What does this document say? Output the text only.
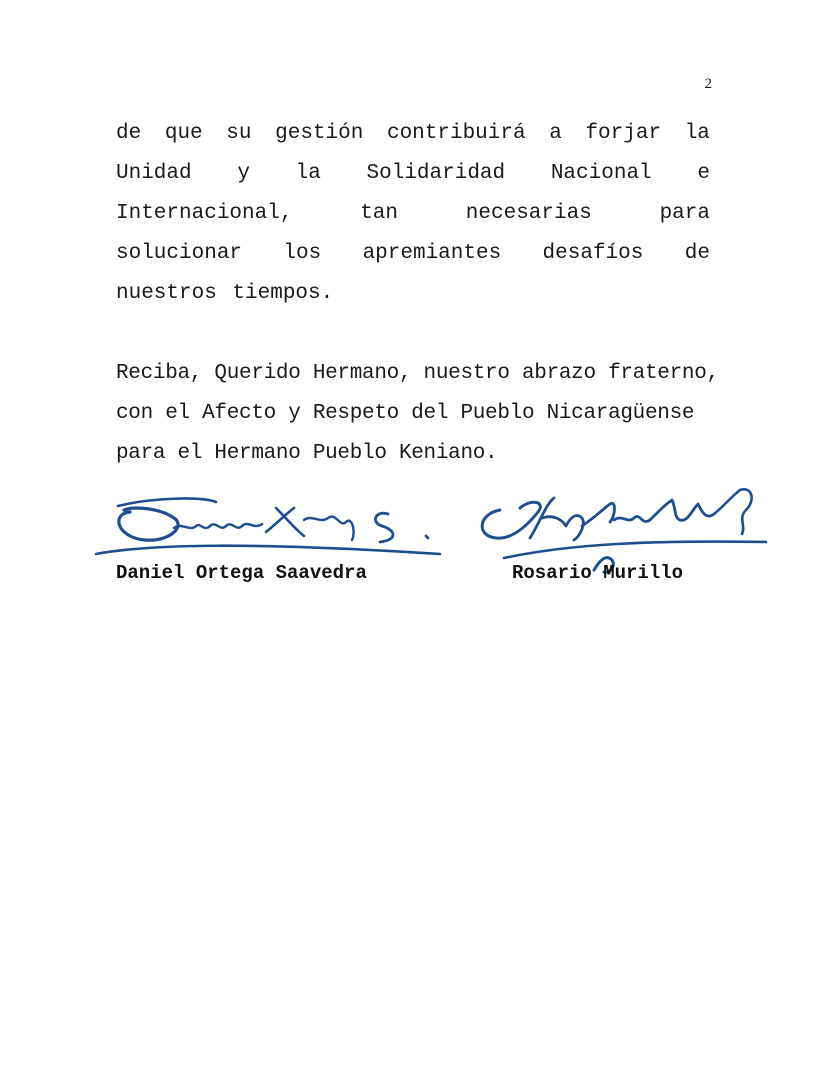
2
de que su gestión contribuirá a forjar la
Unidad y la Solidaridad Nacional e
Internacional,	tan	necesarias	para
solucionar los apremiantes desafíos de
nuestros tiempos.
Reciba, Querido Hermano, nuestro abrazo fraterno,
con el Afecto y Respeto del Pueblo Nicaragüense
para el Hermano Pueblo Keniano.
Daniel Ortega Saavedra	Rosario Murillo
